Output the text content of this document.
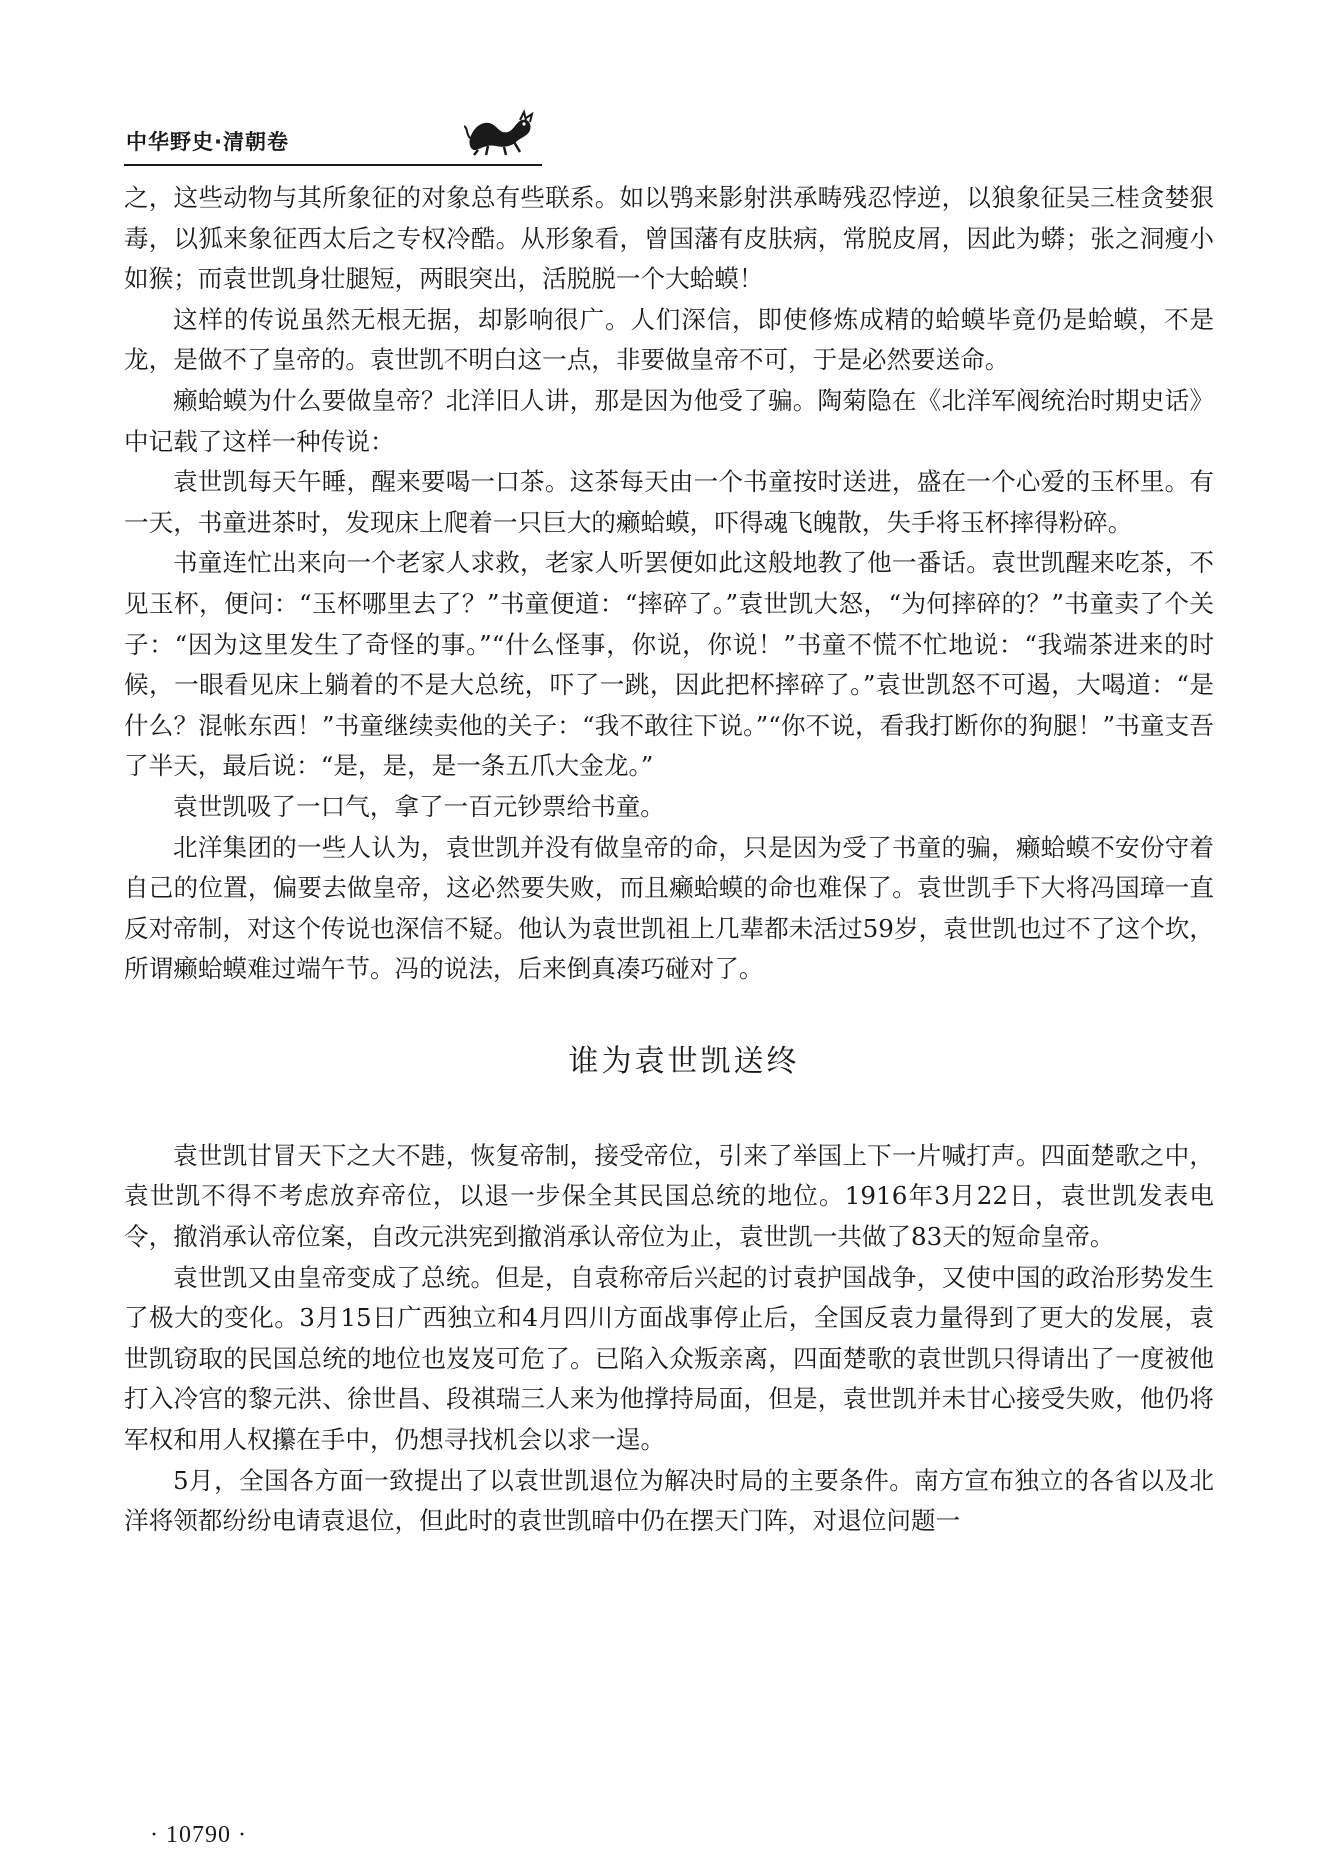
中华野史·清朝卷

之，这些动物与其所象征的对象总有些联系。如以鸮来影射洪承畴残忍悖逆，以狼象征吴三桂贪婪狠毒，以狐来象征西太后之专权冷酷。从形象看，曾国藩有皮肤病，常脱皮屑，因此为蟒；张之洞瘦小如猴；而袁世凯身壮腿短，两眼突出，活脱脱一个大蛤蟆！

这样的传说虽然无根无据，却影响很广。人们深信，即使修炼成精的蛤蟆毕竟仍是蛤蟆，不是龙，是做不了皇帝的。袁世凯不明白这一点，非要做皇帝不可，于是必然要送命。

癞蛤蟆为什么要做皇帝？北洋旧人讲，那是因为他受了骗。陶菊隐在《北洋军阀统治时期史话》中记载了这样一种传说：

袁世凯每天午睡，醒来要喝一口茶。这茶每天由一个书童按时送进，盛在一个心爱的玉杯里。有一天，书童进茶时，发现床上爬着一只巨大的癞蛤蟆，吓得魂飞魄散，失手将玉杯摔得粉碎。

书童连忙出来向一个老家人求救，老家人听罢便如此这般地教了他一番话。袁世凯醒来吃茶，不见玉杯，便问：“玉杯哪里去了？”书童便道：“摔碎了。”袁世凯大怒，“为何摔碎的？”书童卖了个关子：“因为这里发生了奇怪的事。”“什么怪事，你说，你说！”书童不慌不忙地说：“我端茶进来的时候，一眼看见床上躺着的不是大总统，吓了一跳，因此把杯摔碎了。”袁世凯怒不可遏，大喝道：“是什么？混帐东西！”书童继续卖他的关子：“我不敢往下说。”“你不说，看我打断你的狗腿！”书童支吾了半天，最后说：“是，是，是一条五爪大金龙。”

袁世凯吸了一口气，拿了一百元钞票给书童。

北洋集团的一些人认为，袁世凯并没有做皇帝的命，只是因为受了书童的骗，癞蛤蟆不安份守着自己的位置，偏要去做皇帝，这必然要失败，而且癞蛤蟆的命也难保了。袁世凯手下大将冯国璋一直反对帝制，对这个传说也深信不疑。他认为袁世凯祖上几辈都未活过59岁，袁世凯也过不了这个坎，所谓癞蛤蟆难过端午节。冯的说法，后来倒真凑巧碰对了。

谁为袁世凯送终

袁世凯甘冒天下之大不韪，恢复帝制，接受帝位，引来了举国上下一片喊打声。四面楚歌之中，袁世凯不得不考虑放弃帝位，以退一步保全其民国总统的地位。1916年3月22日，袁世凯发表电令，撤消承认帝位案，自改元洪宪到撤消承认帝位为止，袁世凯一共做了83天的短命皇帝。

袁世凯又由皇帝变成了总统。但是，自袁称帝后兴起的讨袁护国战争，又使中国的政治形势发生了极大的变化。3月15日广西独立和4月四川方面战事停止后，全国反袁力量得到了更大的发展，袁世凯窃取的民国总统的地位也岌岌可危了。已陷入众叛亲离，四面楚歌的袁世凯只得请出了一度被他打入冷宫的黎元洪、徐世昌、段祺瑞三人来为他撑持局面，但是，袁世凯并未甘心接受失败，他仍将军权和用人权攥在手中，仍想寻找机会以求一逞。

5月，全国各方面一致提出了以袁世凯退位为解决时局的主要条件。南方宣布独立的各省以及北洋将领都纷纷电请袁退位，但此时的袁世凯暗中仍在摆天门阵，对退位问题一

· 10790 ·
